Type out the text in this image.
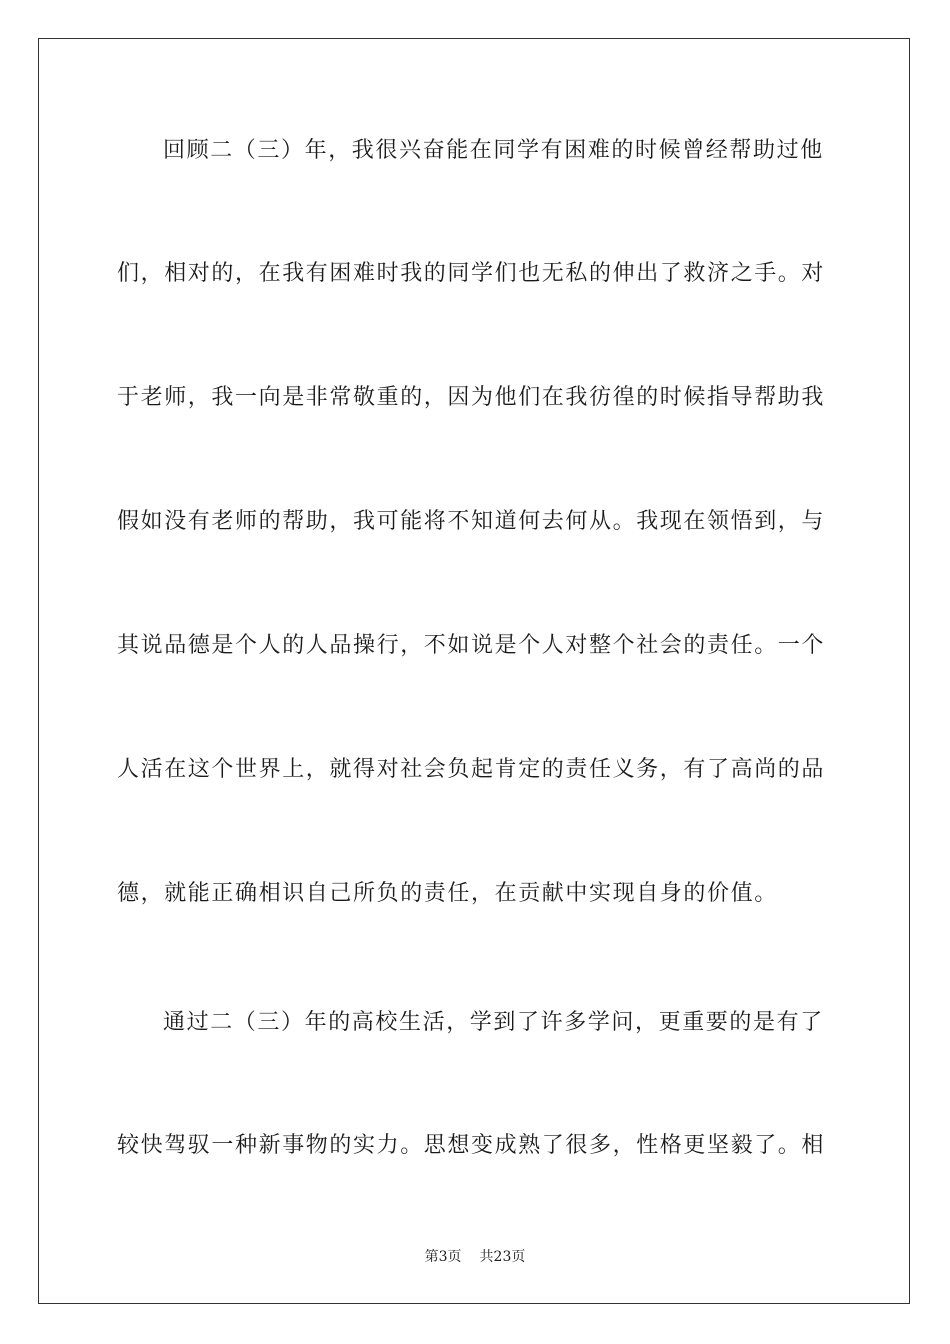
回顾二（三）年，我很兴奋能在同学有困难的时候曾经帮助过他
们，相对的，在我有困难时我的同学们也无私的伸出了救济之手。对
于老师，我一向是非常敬重的，因为他们在我彷徨的时候指导帮助我
假如没有老师的帮助，我可能将不知道何去何从。我现在领悟到，与
其说品德是个人的人品操行，不如说是个人对整个社会的责任。一个
人活在这个世界上，就得对社会负起肯定的责任义务，有了高尚的品
德，就能正确相识自己所负的责任，在贡献中实现自身的价值。
通过二（三）年的高校生活，学到了许多学问，更重要的是有了
较快驾驭一种新事物的实力。思想变成熟了很多，性格更坚毅了。相
第3页 共23页
